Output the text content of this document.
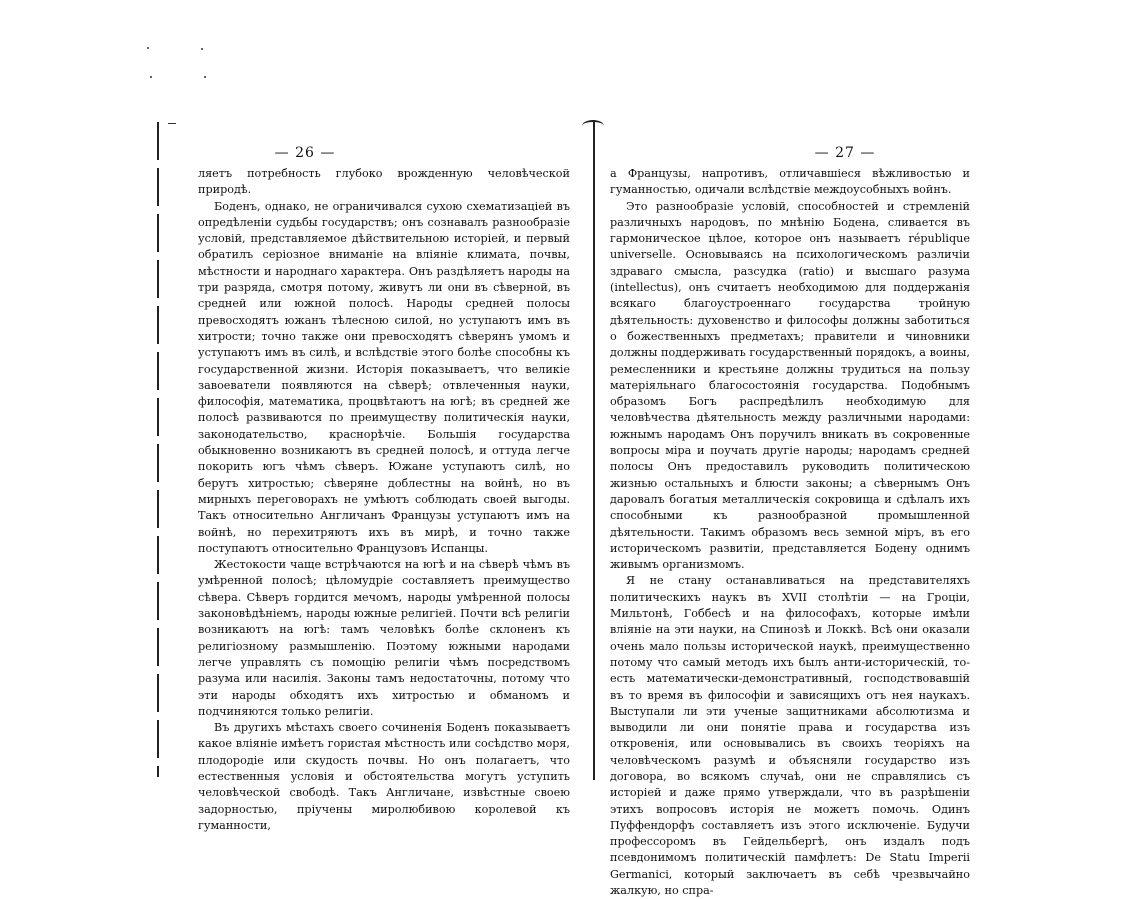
— 26 —

ляетъ потребность глубоко врожденную человѣческой природѣ.

Боденъ, однако, не ограничивался сухою схематизаціей въ опредѣленіи судьбы государствъ; онъ сознавалъ разнообразіе условій, представляемое дѣйствительною исторіей, и первый обратилъ серіозное вниманіе на вліяніе климата, почвы, мѣстности и народнаго характера. Онъ раздѣляетъ народы на три разряда, смотря потому, живутъ ли они въ сѣверной, въ средней или южной полосѣ. Народы средней полосы превосходятъ южанъ тѣлесною силой, но уступаютъ имъ въ хитрости; точно также они превосходятъ сѣверянъ умомъ и уступаютъ имъ въ силѣ, и вслѣдствіе этого болѣе способны къ государственной жизни. Исторія показываетъ, что великіе завоеватели появляются на сѣверѣ; отвлеченныя науки, философія, математика, процвѣтаютъ на югѣ; въ средней же полосѣ развиваются по преимуществу политическія науки, законодательство, краснорѣчіе. Большія государства обыкновенно возникаютъ въ средней полосѣ, и оттуда легче покорить югъ чѣмъ сѣверъ. Южане уступаютъ силѣ, но берутъ хитростью; сѣверяне доблестны на войнѣ, но въ мирныхъ переговорахъ не умѣютъ соблюдать своей выгоды. Такъ относительно Англичанъ Французы уступаютъ имъ на войнѣ, но перехитряютъ ихъ въ мирѣ, и точно также поступаютъ относительно Французовъ Испанцы.

Жестокости чаще встрѣчаются на югѣ и на сѣверѣ чѣмъ въ умѣренной полосѣ; цѣломудріе составляетъ преимущество сѣвера. Сѣверъ гордится мечомъ, народы умѣренной полосы законовѣдѣніемъ, народы южные религіей. Почти всѣ религіи возникаютъ на югѣ: тамъ человѣкъ болѣе склоненъ къ религіозному размышленію. Поэтому южными народами легче управлять съ помощію религіи чѣмъ посредствомъ разума или насилія. Законы тамъ недостаточны, потому что эти народы обходятъ ихъ хитростью и обманомъ и подчиняются только религіи.

Въ другихъ мѣстахъ своего сочиненія Боденъ показываетъ какое вліяніе имѣетъ гористая мѣстность или сосѣдство моря, плодородіе или скудость почвы. Но онъ полагаетъ, что естественныя условія и обстоятельства могутъ уступить человѣческой свободѣ. Такъ Англичане, извѣстные своею задорностью, пріучены миролюбивою королевой къ гуманности,

— 27 —

а Французы, напротивъ, отличавшіеся вѣжливостью и гуманностью, одичали вслѣдствіе междоусобныхъ войнъ.

Это разнообразіе условій, способностей и стремленій различныхъ народовъ, по мнѣнію Бодена, сливается въ гармоническое цѣлое, которое онъ называетъ république universelle. Основываясь на психологическомъ различіи здраваго смысла, разсудка (ratio) и высшаго разума (intellectus), онъ считаетъ необходимою для поддержанія всякаго благоустроеннаго государства тройную дѣятельность: духовенство и философы должны заботиться о божественныхъ предметахъ; правители и чиновники должны поддерживать государственный порядокъ, а воины, ремесленники и крестьяне должны трудиться на пользу матеріяльнаго благосостоянія государства. Подобнымъ образомъ Богъ распредѣлилъ необходимую для человѣчества дѣятельность между различными народами: южнымъ народамъ Онъ поручилъ вникать въ сокровенные вопросы міра и поучать другіе народы; народамъ средней полосы Онъ предоставилъ руководить политическою жизнью остальныхъ и блюсти законы; а сѣвернымъ Онъ даровалъ богатыя металлическія сокровища и сдѣлалъ ихъ способными къ разнообразной промышленной дѣятельности. Такимъ образомъ весь земной міръ, въ его историческомъ развитіи, представляется Бодену однимъ живымъ организмомъ.

Я не стану останавливаться на представителяхъ политическихъ наукъ въ XVII столѣтіи — на Гроціи, Мильтонѣ, Гоббесѣ и на философахъ, которые имѣли вліяніе на эти науки, на Спинозѣ и Локкѣ. Всѣ они оказали очень мало пользы исторической наукѣ, преимущественно потому что самый методъ ихъ былъ анти-историческій, то-есть математически-демонстративный, господствовавшій въ то время въ философіи и зависящихъ отъ нея наукахъ. Выступали ли эти ученые защитниками абсолютизма и выводили ли они понятіе права и государства изъ откровенія, или основывались въ своихъ теоріяхъ на человѣческомъ разумѣ и объясняли государство изъ договора, во всякомъ случаѣ, они не справлялись съ исторіей и даже прямо утверждали, что въ разрѣшеніи этихъ вопросовъ исторія не можетъ помочь. Одинъ Пуффендорфъ составляетъ изъ этого исключеніе. Будучи профессоромъ въ Гейдельбергѣ, онъ издалъ подъ псевдонимомъ политическій памфлетъ: De Statu Imperii Germanici, который заключаетъ въ себѣ чрезвычайно жалкую, но спра-
